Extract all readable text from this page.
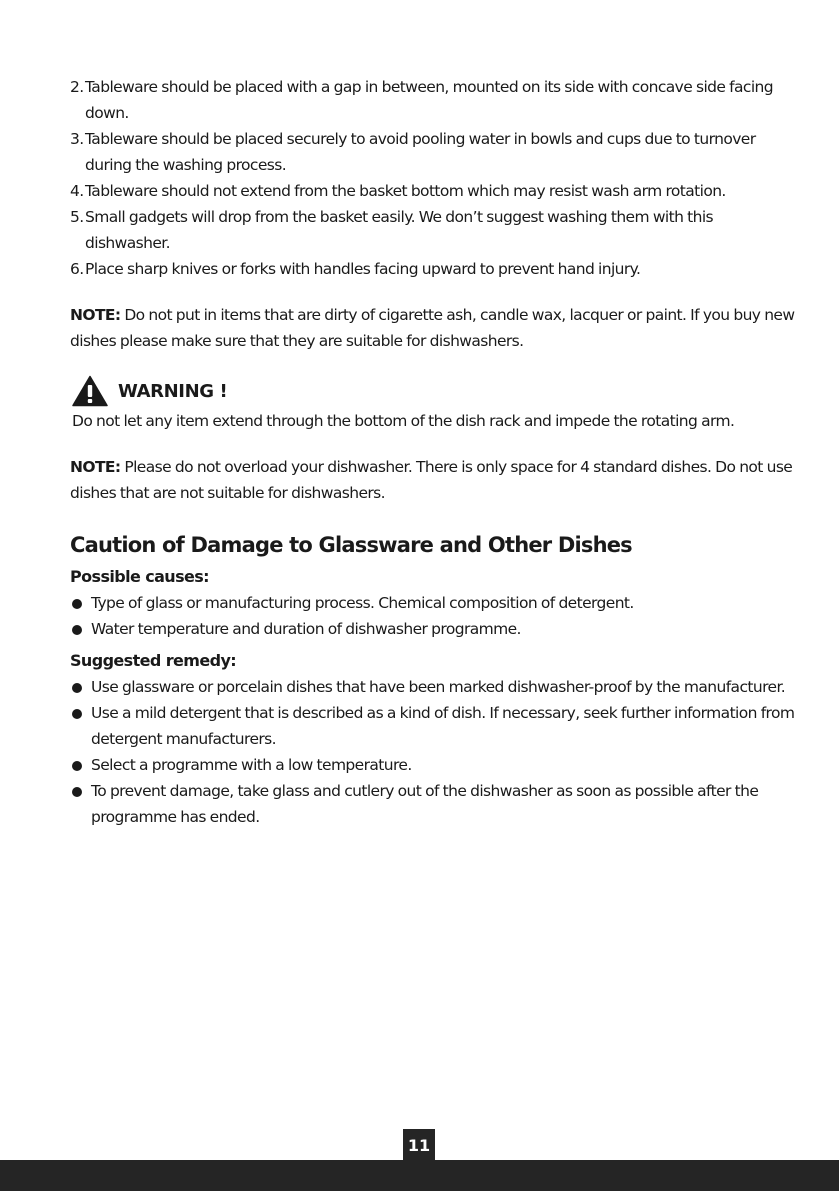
2. Tableware should be placed with a gap in between, mounted on its side with concave side facing down.
3. Tableware should be placed securely to avoid pooling water in bowls and cups due to turnover during the washing process.
4. Tableware should not extend from the basket bottom which may resist wash arm rotation.
5. Small gadgets will drop from the basket easily. We don’t suggest washing them with this dishwasher.
6. Place sharp knives or forks with handles facing upward to prevent hand injury.

NOTE: Do not put in items that are dirty of cigarette ash, candle wax, lacquer or paint. If you buy new dishes please make sure that they are suitable for dishwashers.

WARNING !

Do not let any item extend through the bottom of the dish rack and impede the rotating arm.

NOTE: Please do not overload your dishwasher. There is only space for 4 standard dishes. Do not use dishes that are not suitable for dishwashers.

Caution of Damage to Glassware and Other Dishes
Possible causes:
Type of glass or manufacturing process. Chemical composition of detergent.
Water temperature and duration of dishwasher programme.
Suggested remedy:
Use glassware or porcelain dishes that have been marked dishwasher-proof by the manufacturer.
Use a mild detergent that is described as a kind of dish. If necessary, seek further information from detergent manufacturers.
Select a programme with a low temperature.
To prevent damage, take glass and cutlery out of the dishwasher as soon as possible after the programme has ended.
11
